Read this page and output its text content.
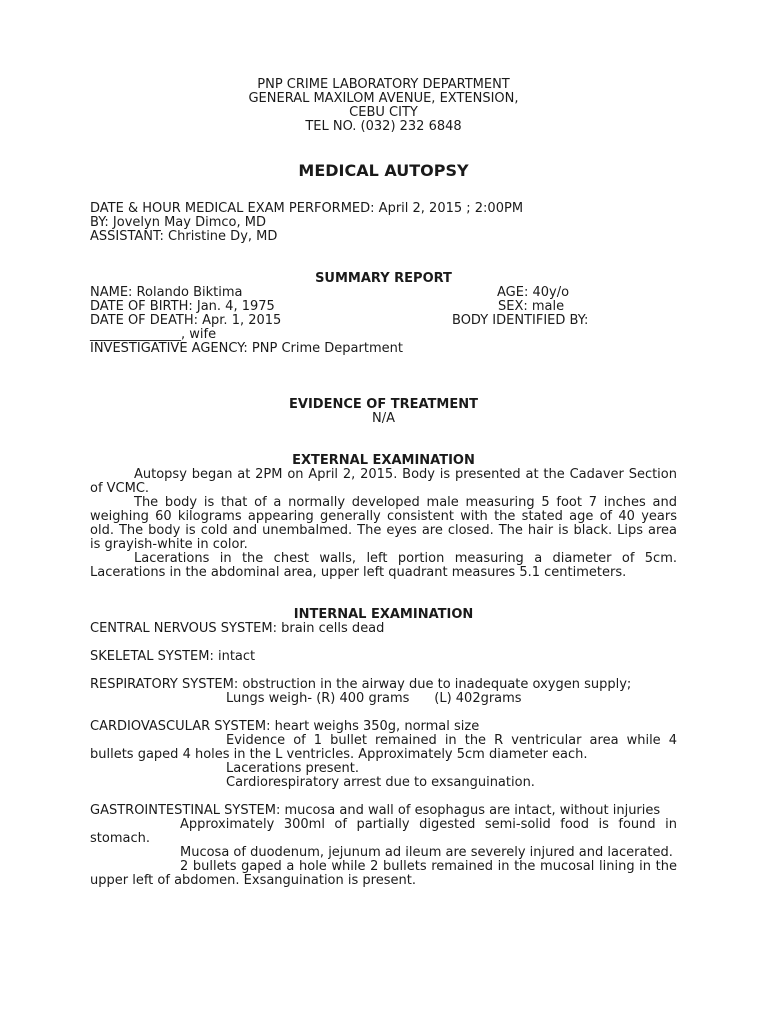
PNP CRIME LABORATORY DEPARTMENT
GENERAL MAXILOM AVENUE, EXTENSION,
CEBU CITY
TEL NO. (032) 232 6848
MEDICAL AUTOPSY
DATE & HOUR MEDICAL EXAM PERFORMED: April 2, 2015 ; 2:00PM
BY: Jovelyn May Dimco, MD
ASSISTANT: Christine Dy, MD
SUMMARY REPORT
NAME: Rolando Biktima	AGE: 40y/o
DATE OF BIRTH: Jan. 4, 1975	SEX: male
DATE OF DEATH: Apr. 1, 2015	BODY IDENTIFIED BY:
______________, wife
INVESTIGATIVE AGENCY: PNP Crime Department
EVIDENCE OF TREATMENT
N/A
EXTERNAL EXAMINATION
Autopsy began at 2PM on April 2, 2015. Body is presented at the Cadaver Section of VCMC.
The body is that of a normally developed male measuring 5 foot 7 inches and weighing 60 kilograms appearing generally consistent with the stated age of 40 years old. The body is cold and unembalmed. The eyes are closed. The hair is black. Lips area is grayish-white in color.
Lacerations in the chest walls, left portion measuring a diameter of 5cm. Lacerations in the abdominal area, upper left quadrant measures 5.1 centimeters.
INTERNAL EXAMINATION
CENTRAL NERVOUS SYSTEM: brain cells dead
SKELETAL SYSTEM: intact
RESPIRATORY SYSTEM: obstruction in the airway due to inadequate oxygen supply;
Lungs weigh- (R) 400 grams      (L) 402grams
CARDIOVASCULAR SYSTEM: heart weighs 350g, normal size
Evidence of 1 bullet remained in the R ventricular area while 4 bullets gaped 4 holes in the L ventricles. Approximately 5cm diameter each.
Lacerations present.
Cardiorespiratory arrest due to exsanguination.
GASTROINTESTINAL SYSTEM: mucosa and wall of esophagus are intact, without injuries
Approximately 300ml of partially digested semi-solid food is found in stomach.
Mucosa of duodenum, jejunum ad ileum are severely injured and lacerated.
2 bullets gaped a hole while 2 bullets remained in the mucosal lining in the upper left of abdomen. Exsanguination is present.
